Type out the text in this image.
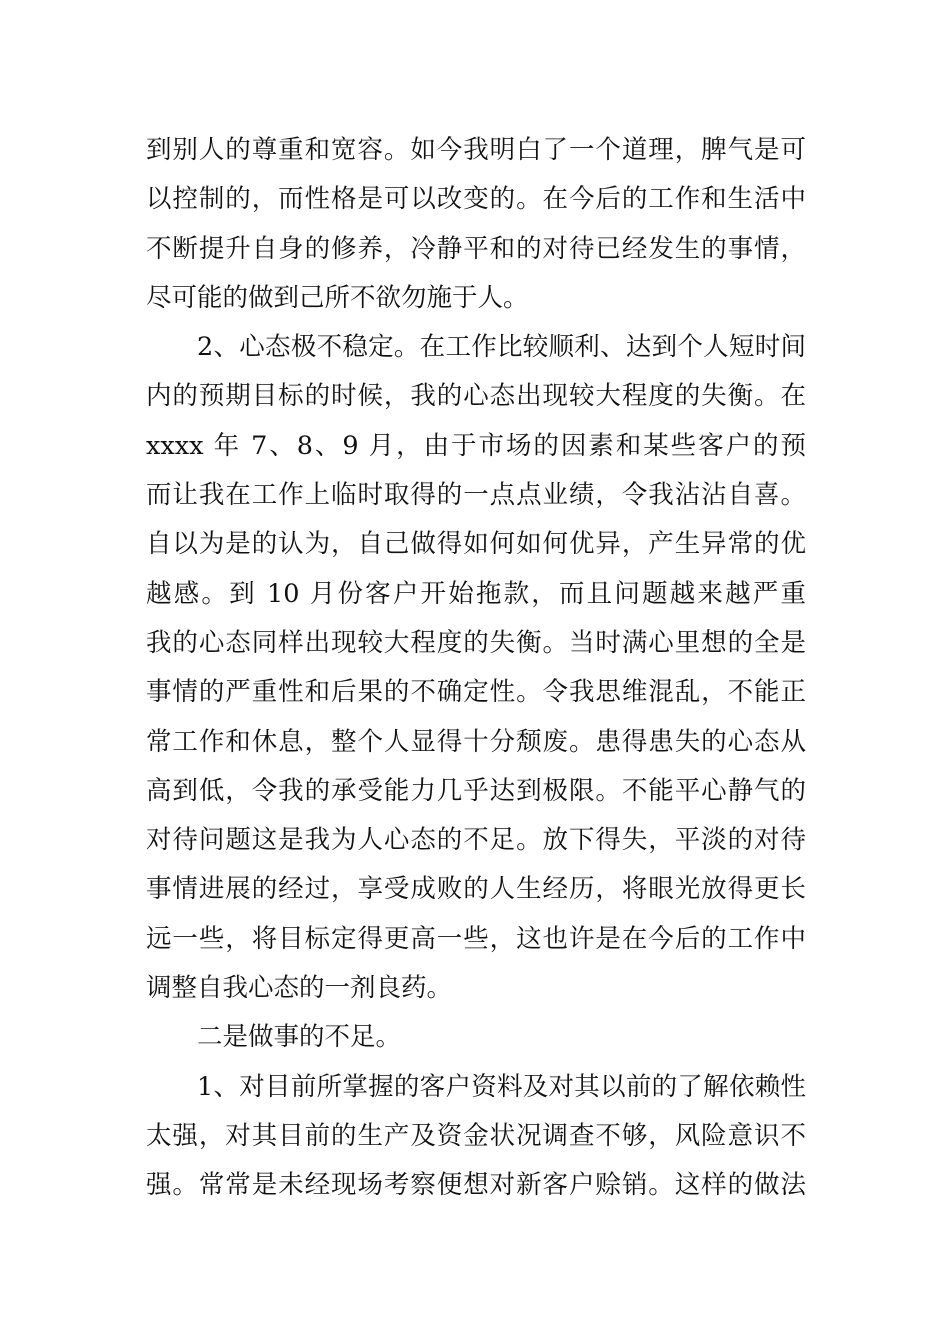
到别人的尊重和宽容。如今我明白了一个道理，脾气是可
以控制的，而性格是可以改变的。在今后的工作和生活中
不断提升自身的修养，冷静平和的对待已经发生的事情，
尽可能的做到己所不欲勿施于人。
2、心态极不稳定。在工作比较顺利、达到个人短时间
内的预期目标的时候，我的心态出现较大程度的失衡。在
xxxx 年 7、8、9 月，由于市场的因素和某些客户的预
而让我在工作上临时取得的一点点业绩，令我沾沾自喜。
自以为是的认为，自己做得如何如何优异，产生异常的优
越感。到 10 月份客户开始拖款，而且问题越来越严重
我的心态同样出现较大程度的失衡。当时满心里想的全是
事情的严重性和后果的不确定性。令我思维混乱，不能正
常工作和休息，整个人显得十分颓废。患得患失的心态从
高到低，令我的承受能力几乎达到极限。不能平心静气的
对待问题这是我为人心态的不足。放下得失，平淡的对待
事情进展的经过，享受成败的人生经历，将眼光放得更长
远一些，将目标定得更高一些，这也许是在今后的工作中
调整自我心态的一剂良药。
二是做事的不足。
1、对目前所掌握的客户资料及对其以前的了解依赖性
太强，对其目前的生产及资金状况调查不够，风险意识不
强。常常是未经现场考察便想对新客户赊销。这样的做法
